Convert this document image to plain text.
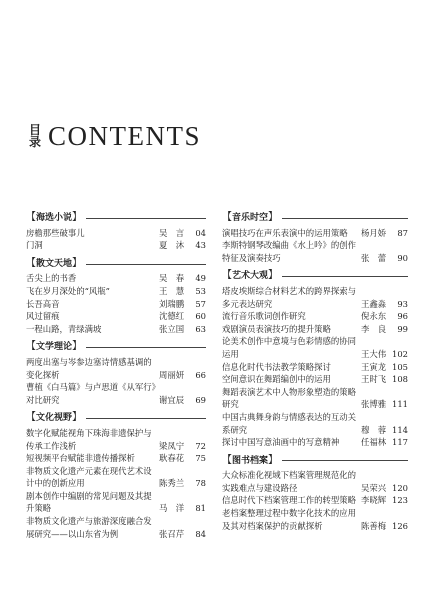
目
录 CONTENTS
【 海选小说 】
房檐那些破事儿	吴　言	04
门洞	夏　沐	43
【 散文天地 】
舌尖上的书香	吴　春	49
飞在岁月深处的“风瓶”	王　慧	53
长吾高音	刘瑞鹏	57
风过留痕	沈德红	60
一程山路，青绿满坡	张立国	63
【 文学理论 】
两度出塞与岑参边塞诗情感基调的变化探析	周丽妍	66
曹植《白马篇》与卢思道《从军行》对比研究	谢宜辰	69
【 文化视野 】
数字化赋能视角下珠海非遗保护与传承工作浅析	梁凤宁	72
短视频平台赋能非遗传播探析	耿春花	75
非物质文化遗产元素在现代艺术设计中的创新应用	陈秀兰	78
剧本创作中编剧的常见问题及其提升策略	马　洋	81
非物质文化遗产与旅游深度融合发展研究——以山东省为例	张召芹	84
【 音乐时空 】
演唱技巧在声乐表演中的运用策略	杨月娇	87
李斯特钢琴改编曲《水上吟》的创作特征及演奏技巧	张　蕾	90
【 艺术大观 】
塔皮埃斯综合材料艺术的跨界探索与多元表达研究	王鑫淼	93
流行音乐歌词创作研究	倪永东	96
戏剧演员表演技巧的提升策略	李　良	99
论美术创作中意境与色彩情感的协同运用	王大伟 102
信息化时代书法教学策略探讨	王寅龙 105
空间意识在舞蹈编创中的运用	王时飞 108
舞蹈表演艺术中人物形象塑造的策略研究	张博雅 111
中国古典舞身韵与情感表达的互动关系研究	穆　蓉 114
探讨中国写意油画中的写意精神	任福林 117
【 图书档案 】
大众标准化视域下档案管理规范化的实践难点与建设路径	吴荣兴 120
信息时代下档案管理工作的转型策略 李晓辉 123
老档案整理过程中数字化技术的应用及其对档案保护的贡献探析	陈善梅 126
